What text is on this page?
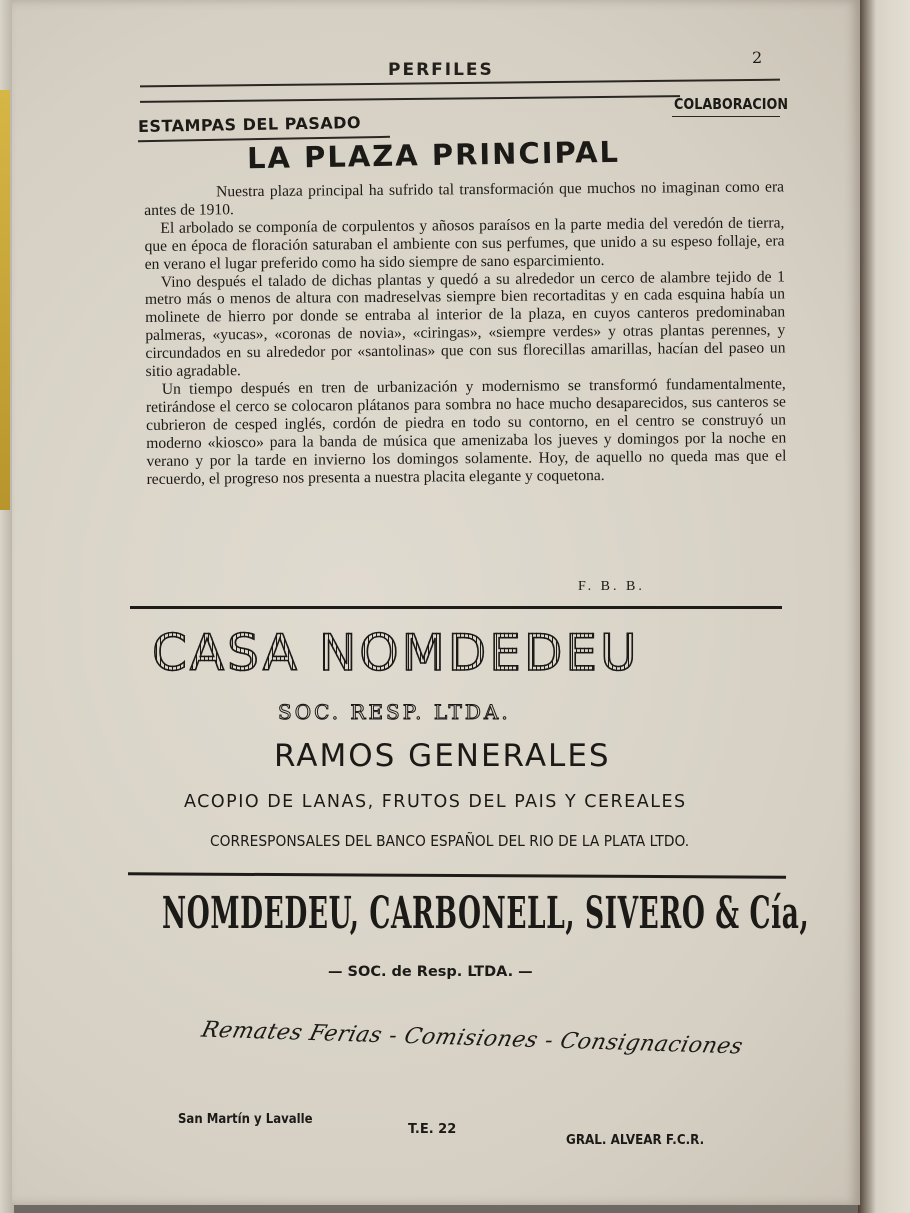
PERFILES
2
COLABORACION
ESTAMPAS DEL PASADO
LA PLAZA PRINCIPAL

Nuestra plaza principal ha sufrido tal transformación que muchos no imaginan como era antes de 1910.

El arbolado se componía de corpulentos y añosos paraísos en la parte media del veredón de tierra, que en época de floración saturaban el ambiente con sus perfumes, que unido a su espeso follaje, era en verano el lugar preferido como ha sido siempre de sano esparcimiento.

Vino después el talado de dichas plantas y quedó a su alrededor un cerco de alambre tejido de 1 metro más o menos de altura con madreselvas siempre bien recortaditas y en cada esquina había un molinete de hierro por donde se entraba al interior de la plaza, en cuyos canteros predominaban palmeras, «yucas», «coronas de novia», «ciringas», «siempre verdes» y otras plantas perennes, y circundados en su alrededor por «santolinas» que con sus florecillas amarillas, hacían del paseo un sitio agradable.

Un tiempo después en tren de urbanización y modernismo se transformó fundamentalmente, retirándose el cerco se colocaron plátanos para sombra no hace mucho desaparecidos, sus canteros se cubrieron de cesped inglés, cordón de piedra en todo su contorno, en el centro se construyó un moderno «kiosco» para la banda de música que amenizaba los jueves y domingos por la noche en verano y por la tarde en invierno los domingos solamente. Hoy, de aquello no queda mas que el recuerdo, el progreso nos presenta a nuestra placita elegante y coquetona.

F. B. B.
CASA NOMDEDEU
SOC. RESP. LTDA.
RAMOS GENERALES
ACOPIO DE LANAS, FRUTOS DEL PAIS Y CEREALES
CORRESPONSALES DEL BANCO ESPAÑOL DEL RIO DE LA PLATA LTDO.
NOMDEDEU, CARBONELL, SIVERO & Cía,
— SOC. de Resp. LTDA. —
Remates Ferias - Comisiones - Consignaciones
San Martín y Lavalle
T.E. 22
GRAL. ALVEAR F.C.R.
